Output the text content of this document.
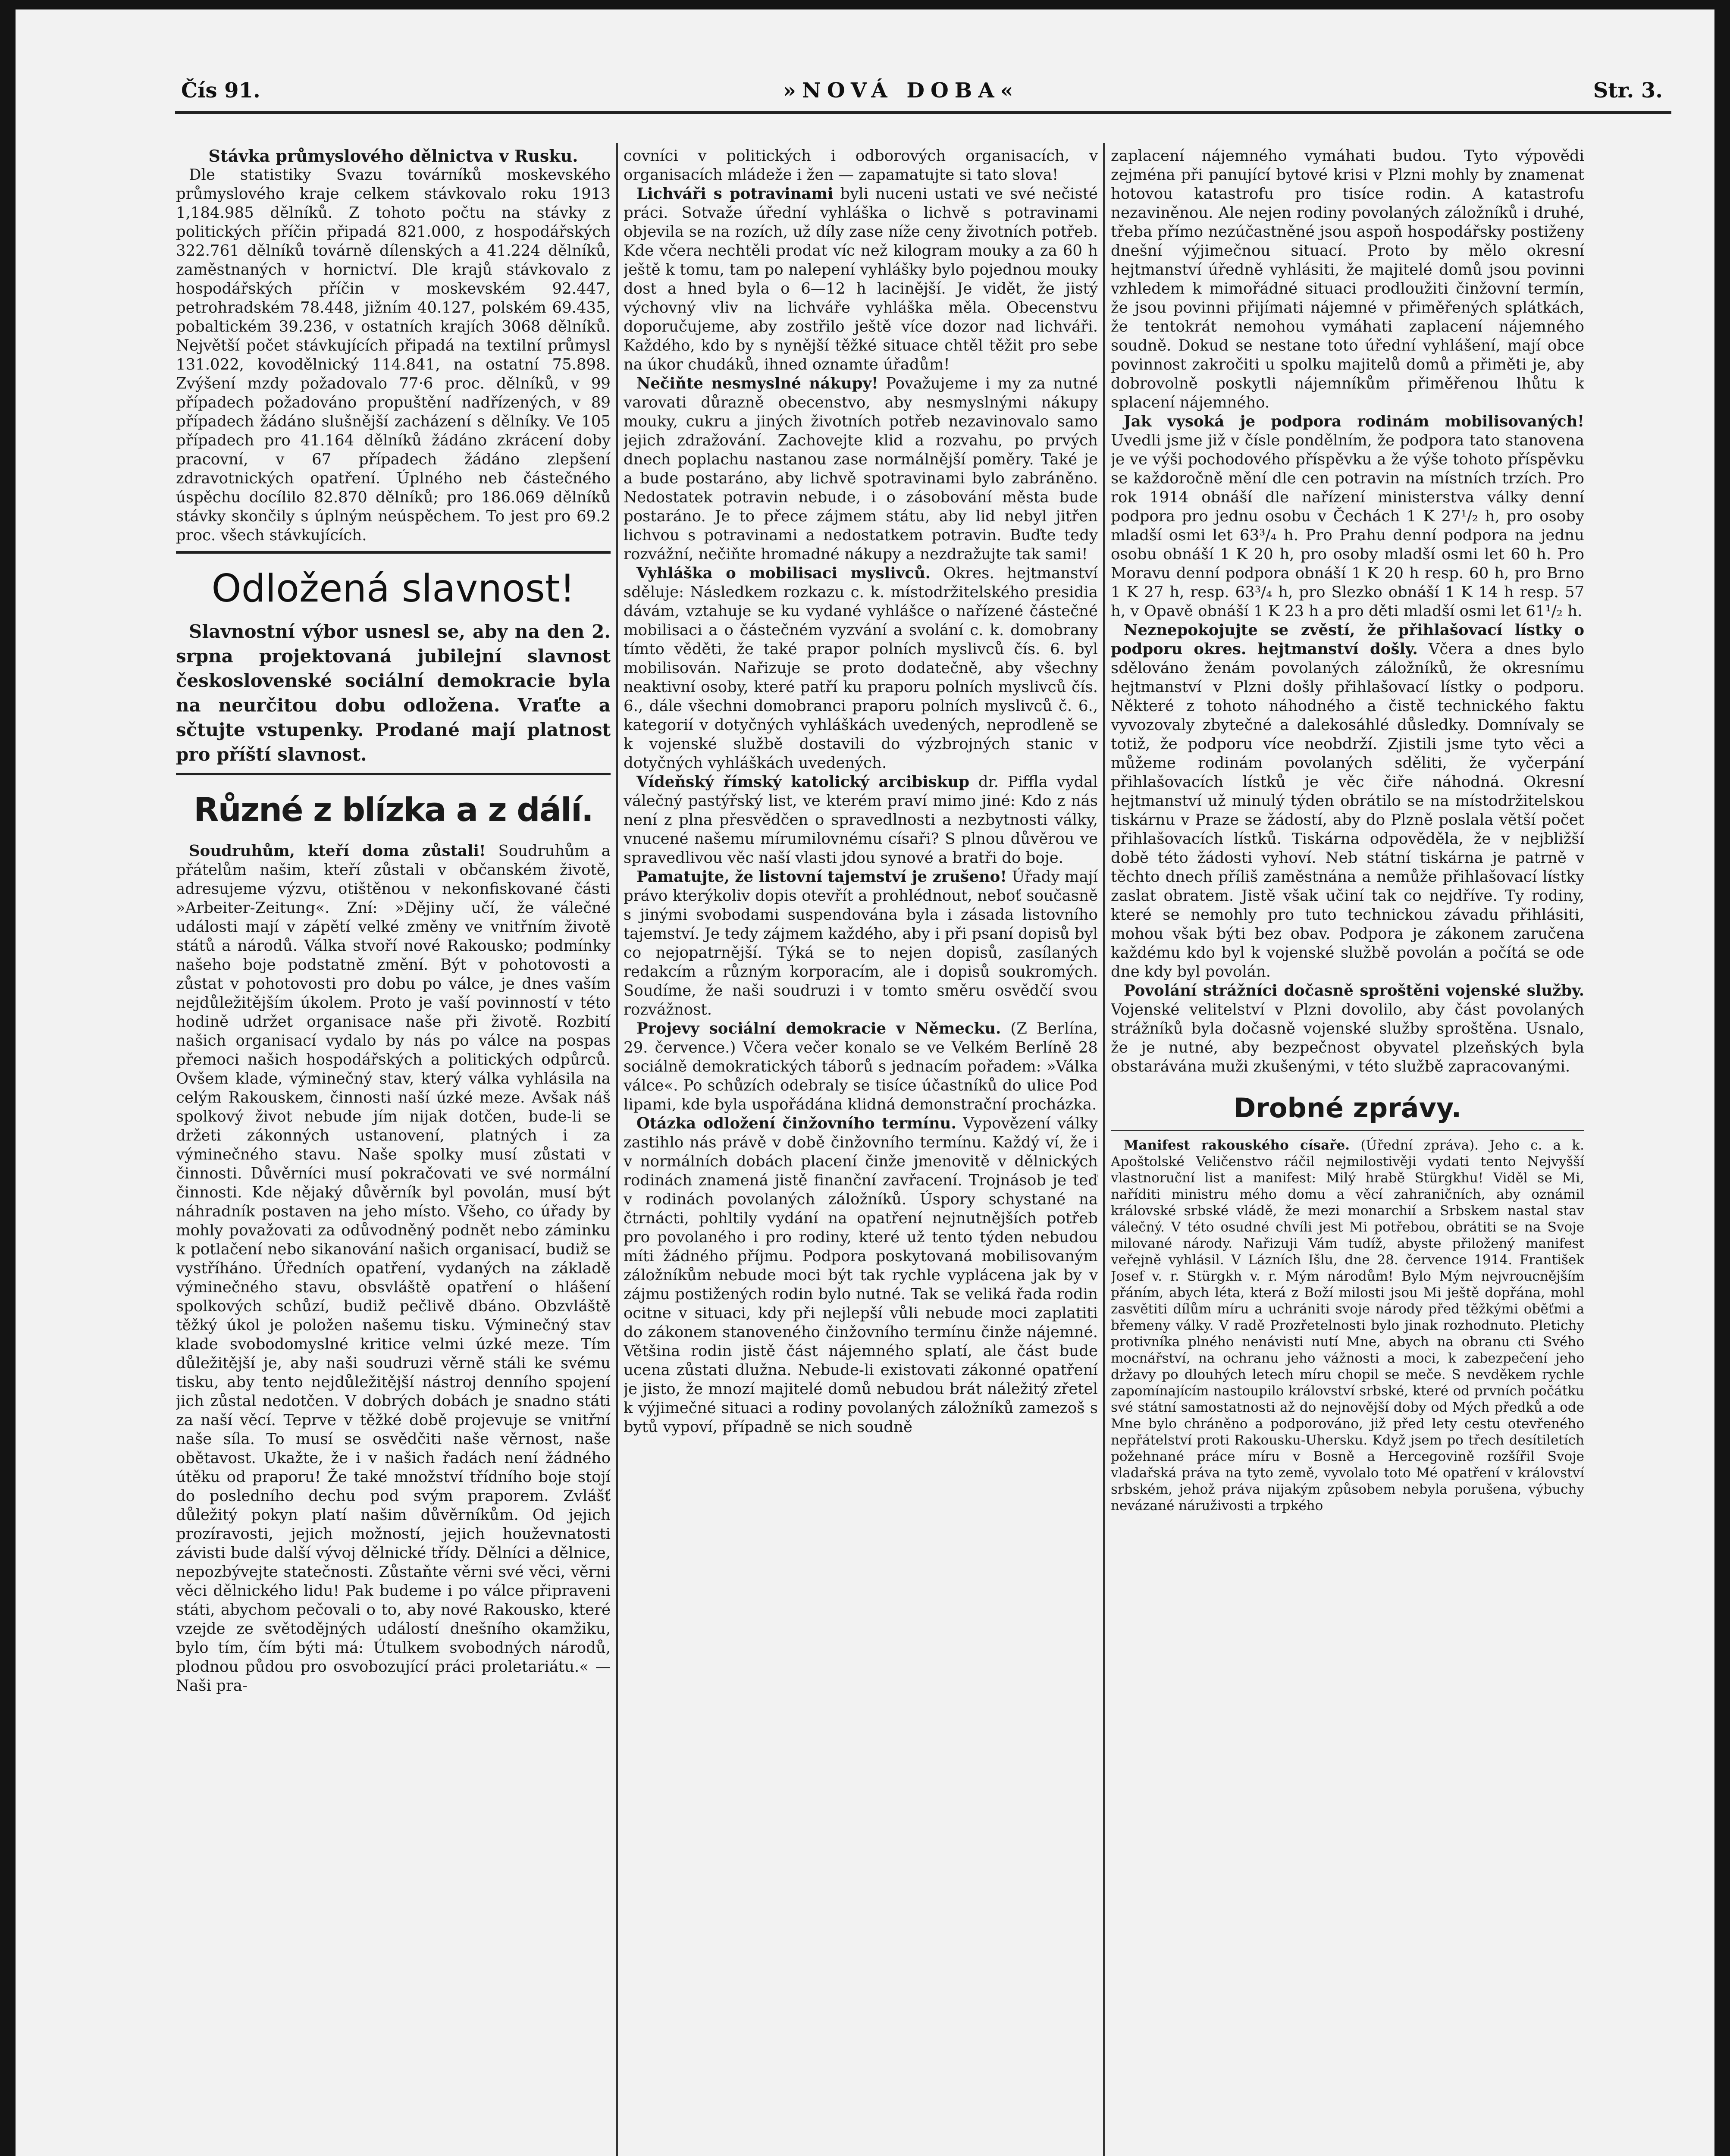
Čís 91.	»NOVÁ DOBA«	Str. 3.
Stávka průmyslového dělnictva v Rusku.

Dle statistiky Svazu továrníků moskevského průmyslového kraje celkem stávkovalo roku 1913 1,184.985 dělníků. Z tohoto počtu na stávky z politických příčin připadá 821.000, z hospodářských 322.761 dělníků továrně dílenských a 41.224 dělníků, zaměstnaných v hornictví. Dle krajů stávkovalo z hospodářských příčin v moskevském 92.447, petrohradském 78.448, jižním 40.127, polském 69.435, pobaltickém 39.236, v ostatních krajích 3068 dělníků. Největší počet stávkujících připadá na textilní průmysl 131.022, kovodělnický 114.841, na ostatní 75.898. Zvýšení mzdy požadovalo 77·6 proc. dělníků, v 99 případech požadováno propuštění nadřízených, v 89 případech žádáno slušnější zacházení s dělníky. Ve 105 případech pro 41.164 dělníků žádáno zkrácení doby pracovní, v 67 případech žádáno zlepšení zdravotnických opatření. Úplného neb částečného úspěchu docílilo 82.870 dělníků; pro 186.069 dělníků stávky skončily s úplným neúspěchem. To jest pro 69.2 proc. všech stávkujících.

Odložená slavnost!

Slavnostní výbor usnesl se, aby na den 2. srpna projektovaná jubilejní slavnost československé sociální demokracie byla na neurčitou dobu odložena. Vraťte a sčtujte vstupenky. Prodané mají platnost pro příští slavnost.

Různé z blízka a z dálí.

Soudruhům, kteří doma zůstali! Soudruhům a přátelům našim, kteří zůstali v občanském životě, adresujeme výzvu, otištěnou v nekonfiskované části »Arbeiter-Zeitung«. Zní: »Dějiny učí, že válečné události mají v zápětí velké změny ve vnitřním životě států a národů. Válka stvoří nové Rakousko; podmínky našeho boje podstatně změní. Být v pohotovosti a zůstat v pohotovosti pro dobu po válce, je dnes vaším nejdůležitějším úkolem. Proto je vaší povinností v této hodině udržet organisace naše při životě. Rozbití našich organisací vydalo by nás po válce na pospas přemoci našich hospodářských a politických odpůrců. Ovšem klade, výminečný stav, který válka vyhlásila na celým Rakouskem, činnosti naší úzké meze. Avšak náš spolkový život nebude jím nijak dotčen, bude-li se držeti zákonných ustanovení, platných i za výminečného stavu. Naše spolky musí zůstati v činnosti. Důvěrníci musí pokračovati ve své normální činnosti. Kde nějaký důvěrník byl povolán, musí být náhradník postaven na jeho místo. Všeho, co úřady by mohly považovati za odůvodněný podnět nebo záminku k potlačení nebo sikanování našich organisací, budiž se vystříháno. Úředních opatření, vydaných na základě výminečného stavu, obsvláště opatření o hlášení spolkových schůzí, budiž pečlivě dbáno. Obzvláště těžký úkol je položen našemu tisku. Výminečný stav klade svobodomyslné kritice velmi úzké meze. Tím důležitější je, aby naši soudruzi věrně stáli ke svému tisku, aby tento nejdůležitější nástroj denního spojení jich zůstal nedotčen. V dobrých dobách je snadno státi za naší věcí. Teprve v těžké době projevuje se vnitřní naše síla. To musí se osvědčiti naše věrnost, naše obětavost. Ukažte, že i v našich řadách není žádného útěku od praporu! Že také množství třídního boje stojí do posledního dechu pod svým praporem. Zvlášť důležitý pokyn platí našim důvěrníkům. Od jejich prozíravosti, jejich možností, jejich houževnatosti závisti bude další vývoj dělnické třídy. Dělníci a dělnice, nepozbývejte statečnosti. Zůstaňte věrni své věci, věrni věci dělnického lidu! Pak budeme i po válce připraveni státi, abychom pečovali o to, aby nové Rakousko, které vzejde ze světodějných událostí dnešního okamžiku, bylo tím, čím býti má: Útulkem svobodných národů, plodnou půdou pro osvobozující práci proletariátu.« — Naši pra-

covníci v politických i odborových organisacích, v organisacích mládeže i žen — zapamatujte si tato slova!

Lichváři s potravinami byli nuceni ustati ve své nečisté práci. Sotvaže úřední vyhláška o lichvě s potravinami objevila se na rozích, už díly zase níže ceny životních potřeb. Kde včera nechtěli prodat víc než kilogram mouky a za 60 h ještě k tomu, tam po nalepení vyhlášky bylo pojednou mouky dost a hned byla o 6—12 h lacinější. Je vidět, že jistý výchovný vliv na lichváře vyhláška měla. Obecenstvu doporučujeme, aby zostřilo ještě více dozor nad lichváři. Každého, kdo by s nynější těžké situace chtěl těžit pro sebe na úkor chudáků, ihned oznamte úřadům!

Nečiňte nesmyslné nákupy! Považujeme i my za nutné varovati důrazně obecenstvo, aby nesmyslnými nákupy mouky, cukru a jiných životních potřeb nezavinovalo samo jejich zdražování. Zachovejte klid a rozvahu, po prvých dnech poplachu nastanou zase normálnější poměry. Také je a bude postaráno, aby lichvě spotravinami bylo zabráněno. Nedostatek potravin nebude, i o zásobování města bude postaráno. Je to přece zájmem státu, aby lid nebyl jitřen lichvou s potravinami a nedostatkem potravin. Buďte tedy rozvážní, nečiňte hromadné nákupy a nezdražujte tak sami!

Vyhláška o mobilisaci myslivců. Okres. hejtmanství sděluje: Následkem rozkazu c. k. místodržitelského presidia dávám, vztahuje se ku vydané vyhlášce o nařízené částečné mobilisaci a o částečném vyzvání a svolání c. k. domobrany tímto věděti, že také prapor polních myslivců čís. 6. byl mobilisován. Nařizuje se proto dodatečně, aby všechny neaktivní osoby, které patří ku praporu polních myslivců čís. 6., dále všechni domobranci praporu polních myslivců č. 6., kategorií v dotyčných vyhláškách uvedených, neprodleně se k vojenské službě dostavili do výzbrojných stanic v dotyčných vyhláškách uvedených.

Vídeňský římský katolický arcibiskup dr. Piffla vydal válečný pastýřský list, ve kterém praví mimo jiné: Kdo z nás není z plna přesvědčen o spravedlnosti a nezbytnosti války, vnucené našemu mírumilovnému císaři? S plnou důvěrou ve spravedlivou věc naší vlasti jdou synové a bratři do boje.

Pamatujte, že listovní tajemství je zrušeno! Úřady mají právo kterýkoliv dopis otevřít a prohlédnout, neboť současně s jinými svobodami suspendována byla i zásada listovního tajemství. Je tedy zájmem každého, aby i při psaní dopisů byl co nejopatrnější. Týká se to nejen dopisů, zasílaných redakcím a různým korporacím, ale i dopisů soukromých. Soudíme, že naši soudruzi i v tomto směru osvědčí svou rozvážnost.

Projevy sociální demokracie v Německu. (Z Berlína, 29. července.) Včera večer konalo se ve Velkém Berlíně 28 sociálně demokratických táborů s jednacím pořadem: »Válka válce«. Po schůzích odebraly se tisíce účastníků do ulice Pod lipami, kde byla uspořádána klidná demonstrační procházka.

Otázka odložení činžovního termínu. Vypovězení války zastihlo nás právě v době činžovního termínu. Každý ví, že i v normálních dobách placení činže jmenovitě v dělnických rodinách znamená jistě finanční zavřacení. Trojnásob je teď v rodinách povolaných záložníků. Úspory schystané na čtrnácti, pohltily vydání na opatření nejnutnějších potřeb pro povolaného i pro rodiny, které už tento týden nebudou míti žádného příjmu. Podpora poskytovaná mobilisovaným záložníkům nebude moci být tak rychle vyplácena jak by v zájmu postižených rodin bylo nutné. Tak se veliká řada rodin ocitne v situaci, kdy při nejlepší vůli nebude moci zaplatiti do zákonem stanoveného činžovního termínu činže nájemné. Většina rodin jistě část nájemného splatí, ale část bude ucena zůstati dlužna. Nebude-li existovati zákonné opatření je jisto, že mnozí majitelé domů nebudou brát náležitý zřetel k výjimečné situaci a rodiny povolaných záložníků zamezoš s bytů vypoví, případně se nich soudně

zaplacení nájemného vymáhati budou. Tyto výpovědi zejména při panující bytové krisi v Plzni mohly by znamenat hotovou katastrofu pro tisíce rodin. A katastrofu nezaviněnou. Ale nejen rodiny povolaných záložníků i druhé, třeba přímo nezúčastněné jsou aspoň hospodářsky postiženy dnešní výjimečnou situací. Proto by mělo okresní hejtmanství úředně vyhlásiti, že majitelé domů jsou povinni vzhledem k mimořádné situaci prodloužiti činžovní termín, že jsou povinni přijímati nájemné v přiměřených splátkách, že tentokrát nemohou vymáhati zaplacení nájemného soudně. Dokud se nestane toto úřední vyhlášení, mají obce povinnost zakročiti u spolku majitelů domů a přiměti je, aby dobrovolně poskytli nájemníkům přiměřenou lhůtu k splacení nájemného.

Jak vysoká je podpora rodinám mobilisovaných! Uvedli jsme již v čísle pondělním, že podpora tato stanovena je ve výši pochodového příspěvku a že výše tohoto příspěvku se každoročně mění dle cen potravin na místních trzích. Pro rok 1914 obnáší dle nařízení ministerstva války denní podpora pro jednu osobu v Čechách 1 K 27¹/₂ h, pro osoby mladší osmi let 63³/₄ h. Pro Prahu denní podpora na jednu osobu obnáší 1 K 20 h, pro osoby mladší osmi let 60 h. Pro Moravu denní podpora obnáší 1 K 20 h resp. 60 h, pro Brno 1 K 27 h, resp. 63³/₄ h, pro Slezko obnáší 1 K 14 h resp. 57 h, v Opavě obnáší 1 K 23 h a pro děti mladší osmi let 61¹/₂ h.

Neznepokojujte se zvěstí, že přihlašovací lístky o podporu okres. hejtmanství došly. Včera a dnes bylo sdělováno ženám povolaných záložníků, že okresnímu hejtmanství v Plzni došly přihlašovací lístky o podporu. Některé z tohoto náhodného a čistě technického faktu vyvozovaly zbytečné a dalekosáhlé důsledky. Domnívaly se totiž, že podporu více neobdrží. Zjistili jsme tyto věci a můžeme rodinám povolaných sděliti, že vyčerpání přihlašovacích lístků je věc čiře náhodná. Okresní hejtmanství už minulý týden obrátilo se na místodržitelskou tiskárnu v Praze se žádostí, aby do Plzně poslala větší počet přihlašovacích lístků. Tiskárna odpověděla, že v nejbližší době této žádosti vyhoví. Neb státní tiskárna je patrně v těchto dnech příliš zaměstnána a nemůže přihlašovací lístky zaslat obratem. Jistě však učiní tak co nejdříve. Ty rodiny, které se nemohly pro tuto technickou závadu přihlásiti, mohou však býti bez obav. Podpora je zákonem zaručena každému kdo byl k vojenské službě povolán a počítá se ode dne kdy byl povolán.

Povolání strážníci dočasně sproštěni vojenské služby. Vojenské velitelství v Plzni dovolilo, aby část povolaných strážníků byla dočasně vojenské služby sproštěna. Usnalo, že je nutné, aby bezpečnost obyvatel plzeňských byla obstarávána muži zkušenými, v této službě zapracovanými.

Drobné zprávy.

Manifest rakouského císaře. (Úřední zpráva). Jeho c. a k. Apoštolské Veličenstvo ráčil nejmilostivěji vydati tento Nejvyšší vlastnoruční list a manifest: Milý hrabě Stürgkhu! Viděl se Mi, naříditi ministru mého domu a věcí zahraničních, aby oznámil královské srbské vládě, že mezi monarchií a Srbskem nastal stav válečný. V této osudné chvíli jest Mi potřebou, obrátiti se na Svoje milované národy. Nařizuji Vám tudíž, abyste přiložený manifest veřejně vyhlásil. V Lázních Išlu, dne 28. července 1914. František Josef v. r. Stürgkh v. r. Mým národům! Bylo Mým nejvroucnějším přáním, abych léta, která z Boží milosti jsou Mi ještě dopřána, mohl zasvětiti dílům míru a uchrániti svoje národy před těžkými oběťmi a břemeny války. V radě Prozřetelnosti bylo jinak rozhodnuto. Pletichy protivníka plného nenávisti nutí Mne, abych na obranu cti Svého mocnářství, na ochranu jeho vážnosti a moci, k zabezpečení jeho državy po dlouhých letech míru chopil se meče. S nevděkem rychle zapomínajícím nastoupilo království srbské, které od prvních počátku své státní samostatnosti až do nejnovější doby od Mých předků a ode Mne bylo chráněno a podporováno, již před lety cestu otevřeného nepřátelství proti Rakousku-Uhersku. Když jsem po třech desítiletích požehnané práce míru v Bosně a Hercegovině rozšířil Svoje vladařská práva na tyto země, vyvolalo toto Mé opatření v království srbském, jehož práva nijakým způsobem nebyla porušena, výbuchy nevázané náruživosti a trpkého
